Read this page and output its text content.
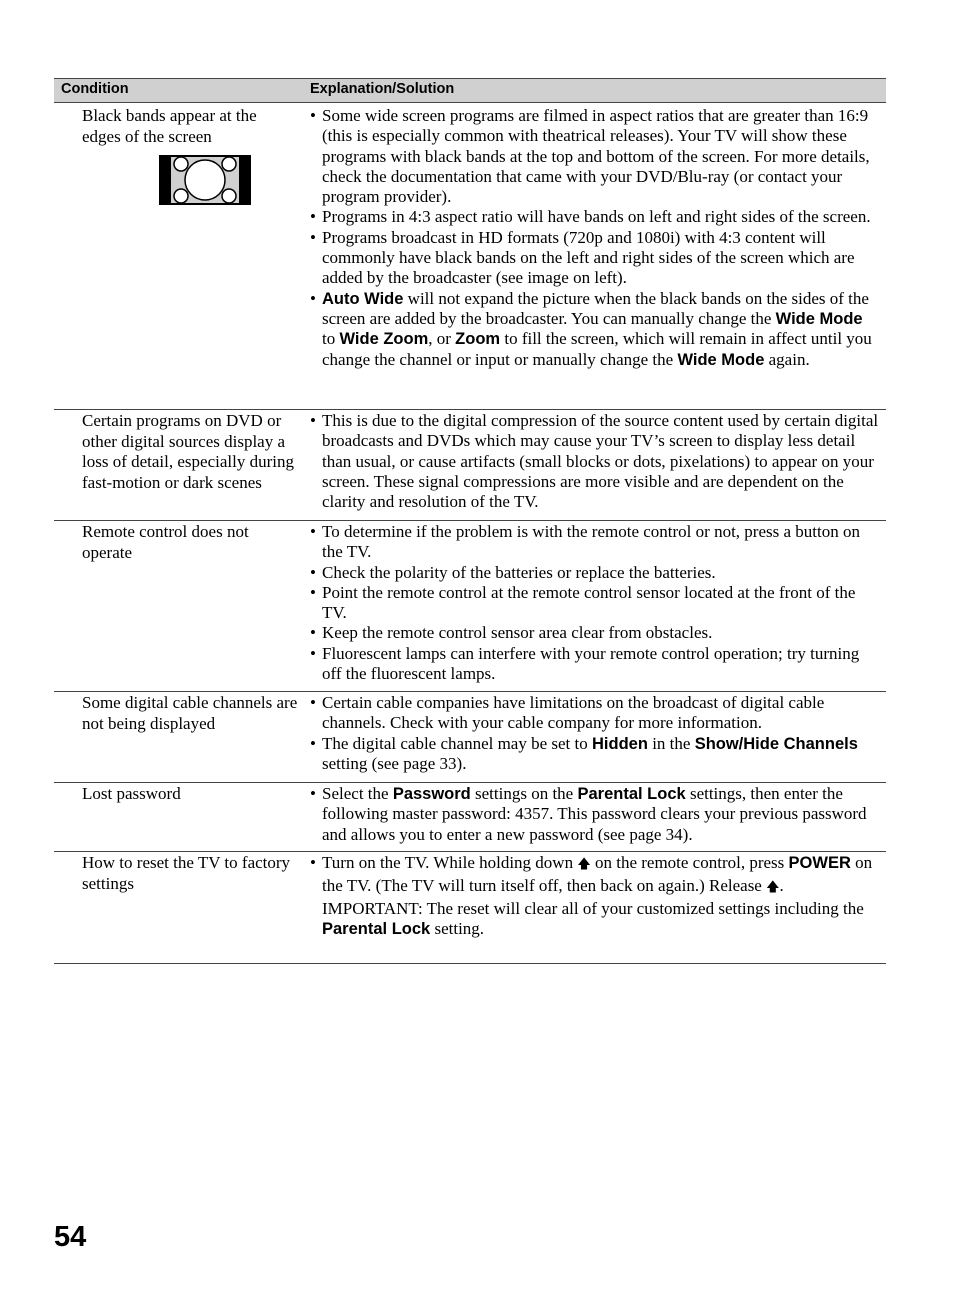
Condition	Explanation/Solution
Black bands appear at the edges of the screen
• Some wide screen programs are filmed in aspect ratios that are greater than 16:9 (this is especially common with theatrical releases). Your TV will show these programs with black bands at the top and bottom of the screen. For more details, check the documentation that came with your DVD/Blu-ray (or contact your program provider).
• Programs in 4:3 aspect ratio will have bands on left and right sides of the screen.
• Programs broadcast in HD formats (720p and 1080i) with 4:3 content will commonly have black bands on the left and right sides of the screen which are added by the broadcaster (see image on left).
• Auto Wide will not expand the picture when the black bands on the sides of the screen are added by the broadcaster. You can manually change the Wide Mode to Wide Zoom, or Zoom to fill the screen, which will remain in affect until you change the channel or input or manually change the Wide Mode again.
Certain programs on DVD or other digital sources display a loss of detail, especially during fast-motion or dark scenes
• This is due to the digital compression of the source content used by certain digital broadcasts and DVDs which may cause your TV’s screen to display less detail than usual, or cause artifacts (small blocks or dots, pixelations) to appear on your screen. These signal compressions are more visible and are dependent on the clarity and resolution of the TV.
Remote control does not operate
• To determine if the problem is with the remote control or not, press a button on the TV.
• Check the polarity of the batteries or replace the batteries.
• Point the remote control at the remote control sensor located at the front of the TV.
• Keep the remote control sensor area clear from obstacles.
• Fluorescent lamps can interfere with your remote control operation; try turning off the fluorescent lamps.
Some digital cable channels are not being displayed
• Certain cable companies have limitations on the broadcast of digital cable channels. Check with your cable company for more information.
• The digital cable channel may be set to Hidden in the Show/Hide Channels setting (see page 33).
Lost password	• Select the Password settings on the Parental Lock settings, then enter the following master password: 4357. This password clears your previous password and allows you to enter a new password (see page 34).
How to reset the TV to factory settings
• Turn on the TV. While holding down 🡅 on the remote control, press POWER on the TV. (The TV will turn itself off, then back on again.) Release 🡅.
IMPORTANT: The reset will clear all of your customized settings including the Parental Lock setting.
54
